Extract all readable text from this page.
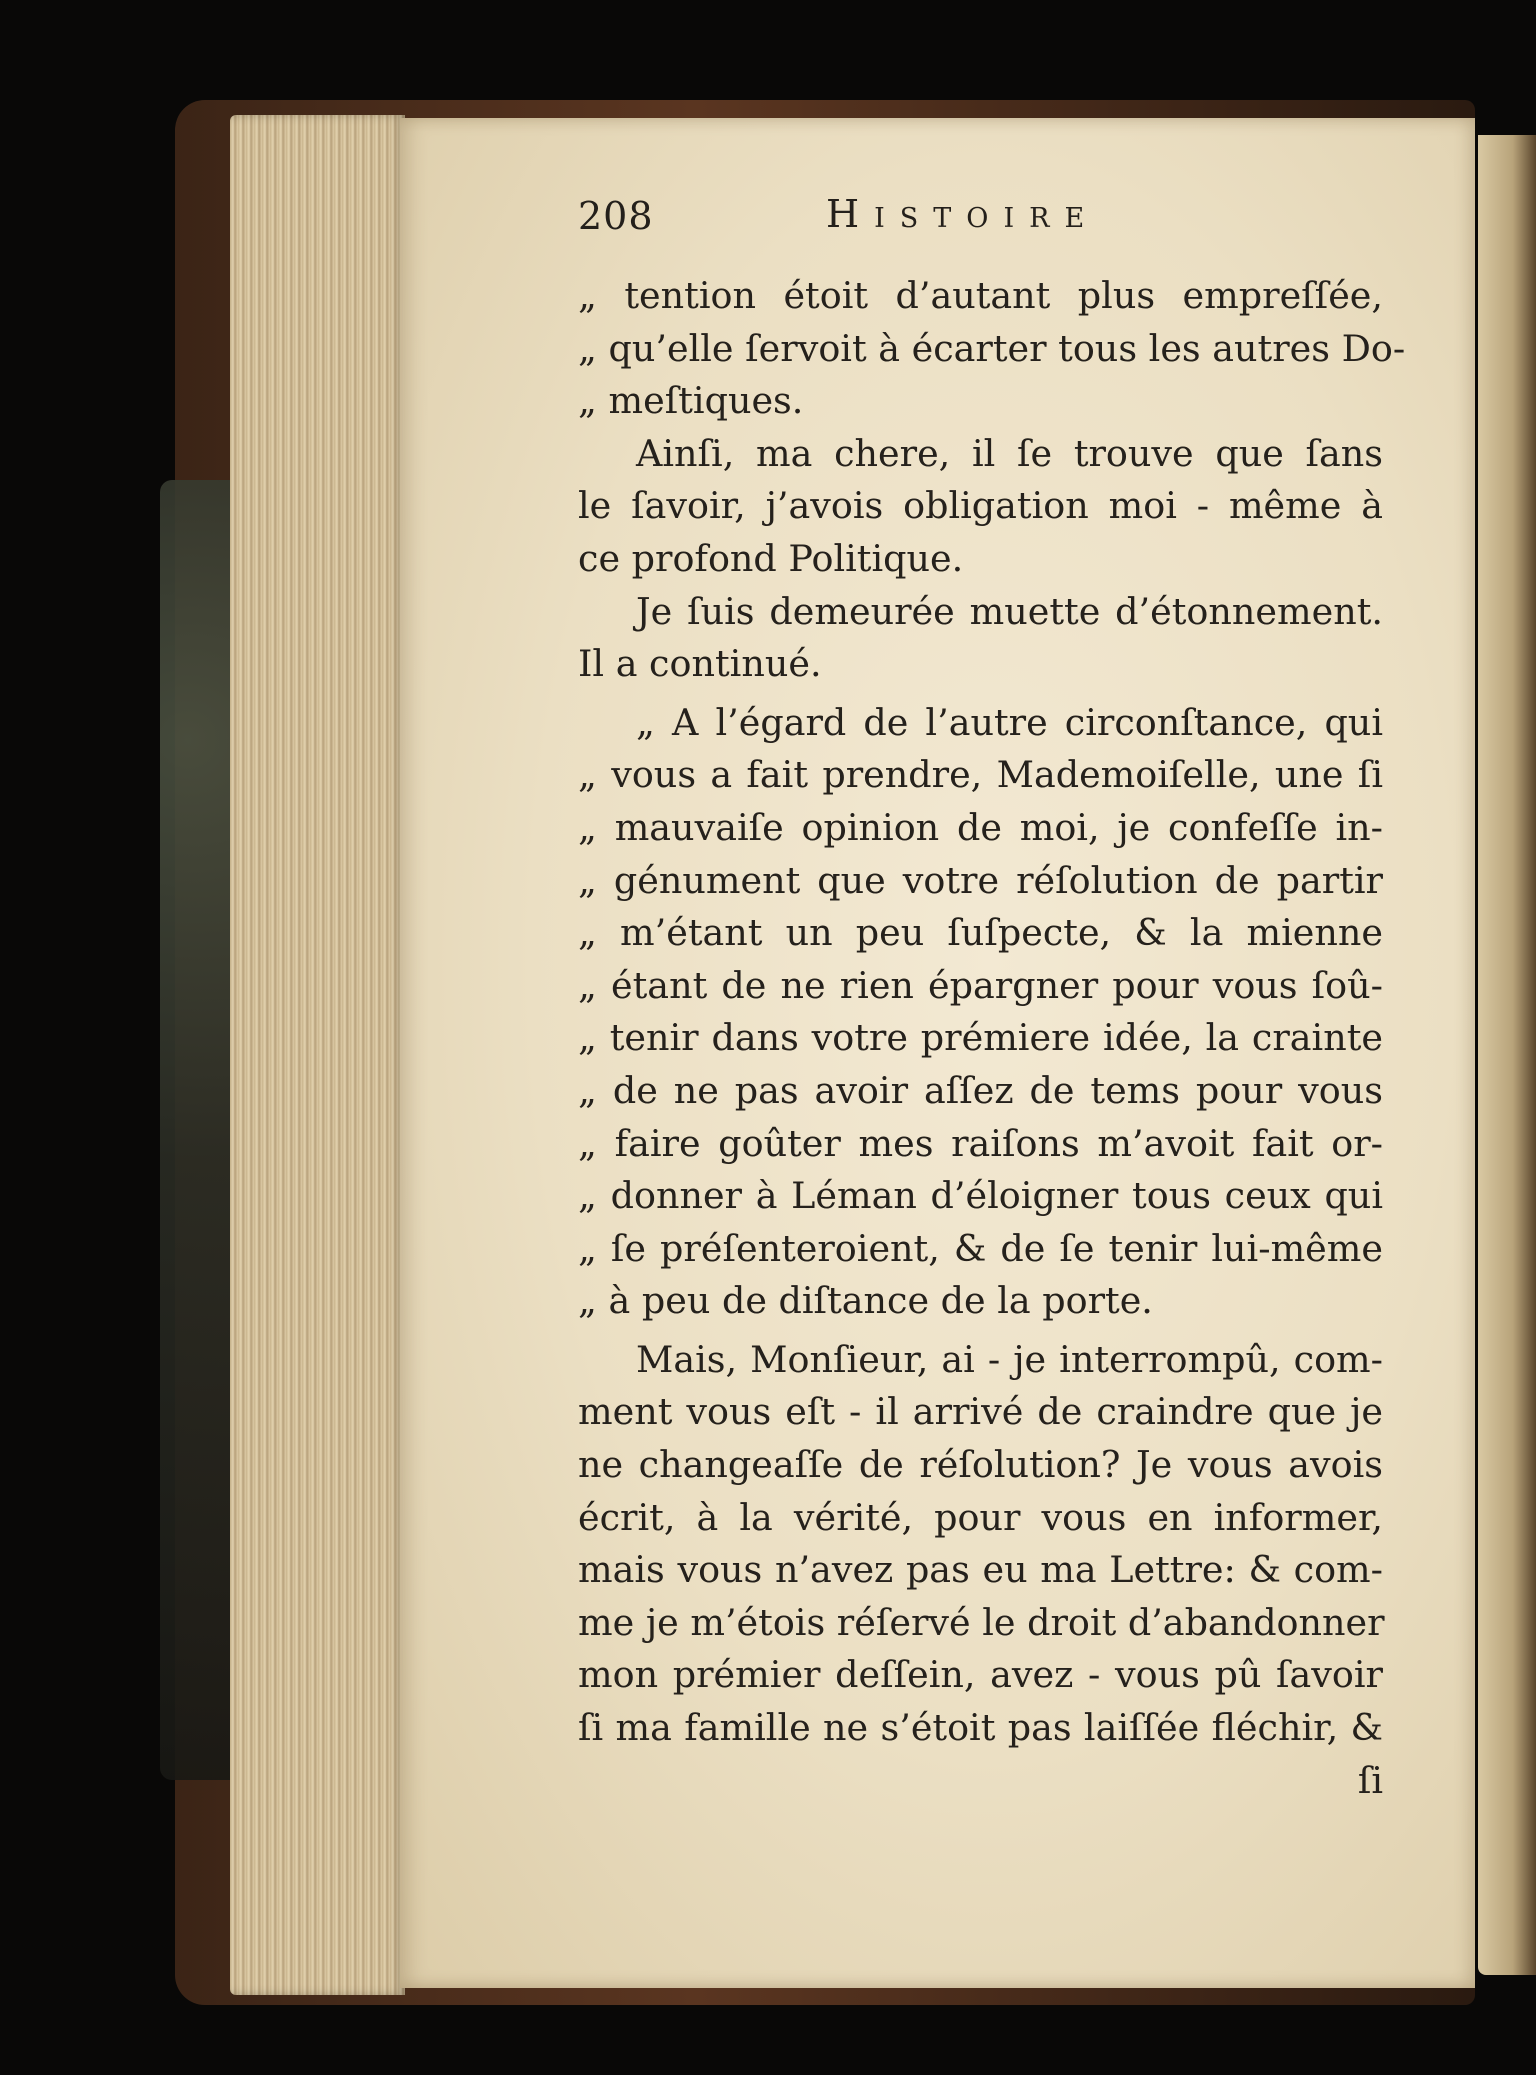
208	Histoire
„ tention étoit d’autant plus empreſſée,
„ qu’elle ſervoit à écarter tous les autres Do-
„ meſtiques.
Ainſi, ma chere, il ſe trouve que ſans
le ſavoir, j’avois obligation moi - même à
ce profond Politique.
Je ſuis demeurée muette d’étonnement.
Il a continué.
„ A l’égard de l’autre circonſtance, qui
„ vous a fait prendre, Mademoiſelle, une ſi
„ mauvaiſe opinion de moi, je confeſſe in-
„ génument que votre réſolution de partir
„ m’étant un peu ſuſpecte, & la mienne
„ étant de ne rien épargner pour vous ſoû-
„ tenir dans votre prémiere idée, la crainte
„ de ne pas avoir aſſez de tems pour vous
„ faire goûter mes raiſons m’avoit fait or-
„ donner à Léman d’éloigner tous ceux qui
„ ſe préſenteroient, & de ſe tenir lui-même
„ à peu de diſtance de la porte.
Mais, Monſieur, ai - je interrompû, com-
ment vous eſt - il arrivé de craindre que je
ne changeaſſe de réſolution? Je vous avois
écrit, à la vérité, pour vous en informer,
mais vous n’avez pas eu ma Lettre: & com-
me je m’étois réſervé le droit d’abandonner
mon prémier deſſein, avez - vous pû ſavoir
ſi ma famille ne s’étoit pas laiſſée fléchir, &
ſi
